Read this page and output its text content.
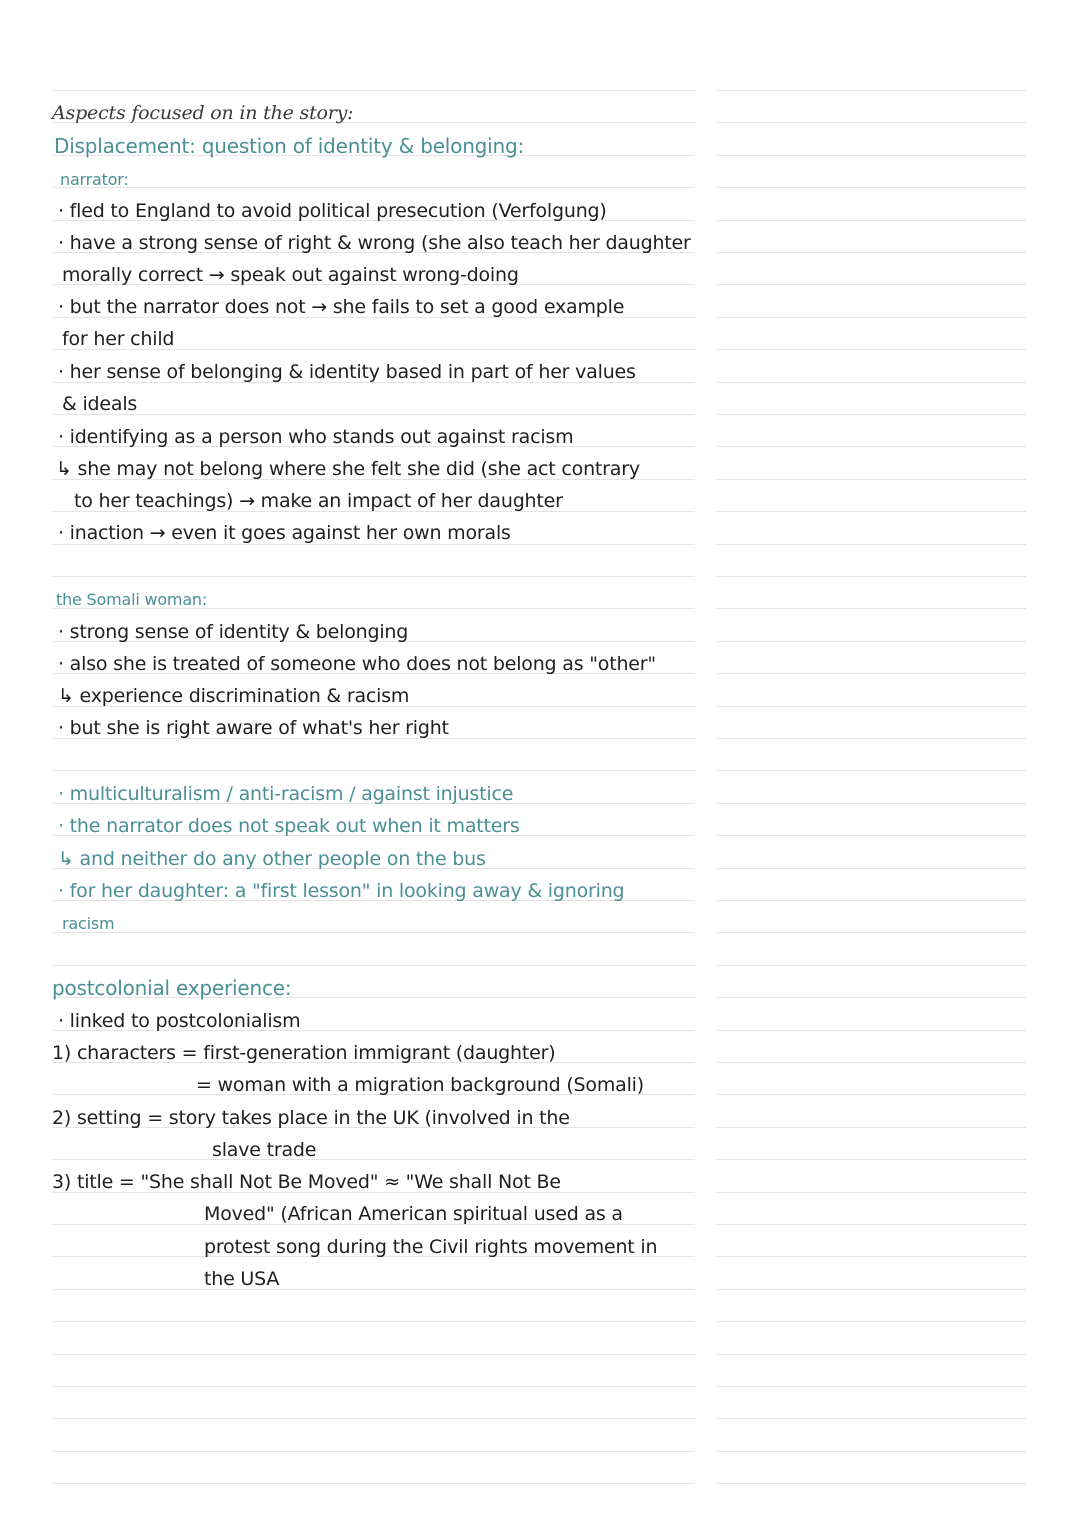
Aspects focused on in the story:
Displacement: question of identity & belonging:
narrator:
· fled to England to avoid political presecution (Verfolgung)
· have a strong sense of right & wrong (she also teach her daughter
morally correct → speak out against wrong-doing
· but the narrator does not → she fails to set a good example
for her child
· her sense of belonging & identity based in part of her values
& ideals
· identifying as a person who stands out against racism
↳ she may not belong where she felt she did (she act contrary
to her teachings) → make an impact of her daughter
· inaction → even it goes against her own morals
the Somali woman:
· strong sense of identity & belonging
· also she is treated of someone who does not belong as "other"
↳ experience discrimination & racism
· but she is right aware of what's her right
· multiculturalism / anti-racism / against injustice
· the narrator does not speak out when it matters
↳ and neither do any other people on the bus
· for her daughter: a "first lesson" in looking away & ignoring
racism
postcolonial experience:
· linked to postcolonialism
1) characters = first-generation immigrant (daughter)
= woman with a migration background (Somali)
2) setting = story takes place in the UK (involved in the
slave trade
3) title = "She shall Not Be Moved" ≈ "We shall Not Be
Moved" (African American spiritual used as a
protest song during the Civil rights movement in
the USA
